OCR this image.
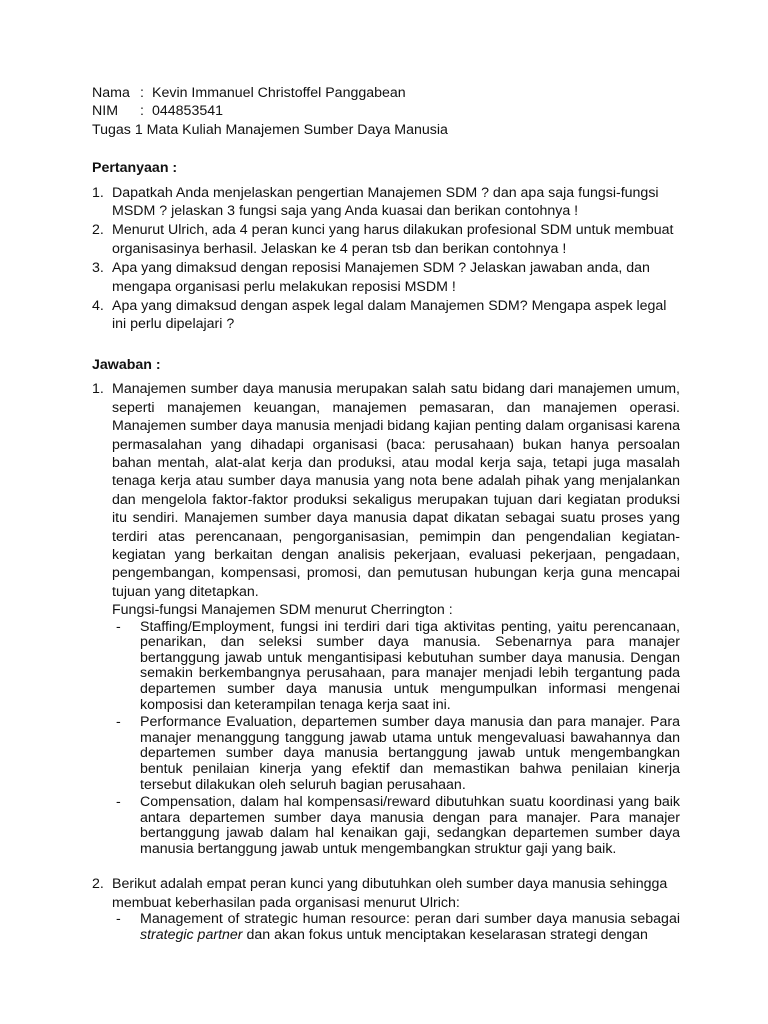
Nama : Kevin Immanuel Christoffel Panggabean
NIM	: 044853541
Tugas 1 Mata Kuliah Manajemen Sumber Daya Manusia
Pertanyaan :
1. Dapatkah Anda menjelaskan pengertian Manajemen SDM ? dan apa saja fungsi-fungsi MSDM ? jelaskan 3 fungsi saja yang Anda kuasai dan berikan contohnya !
2. Menurut Ulrich, ada 4 peran kunci yang harus dilakukan profesional SDM untuk membuat organisasinya berhasil. Jelaskan ke 4 peran tsb dan berikan contohnya !
3. Apa yang dimaksud dengan reposisi Manajemen SDM ? Jelaskan jawaban anda, dan mengapa organisasi perlu melakukan reposisi MSDM !
4. Apa yang dimaksud dengan aspek legal dalam Manajemen SDM? Mengapa aspek legal ini perlu dipelajari ?
Jawaban :
1. Manajemen sumber daya manusia merupakan salah satu bidang dari manajemen umum, seperti manajemen keuangan, manajemen pemasaran, dan manajemen operasi. Manajemen sumber daya manusia menjadi bidang kajian penting dalam organisasi karena permasalahan yang dihadapi organisasi (baca: perusahaan) bukan hanya persoalan bahan mentah, alat-alat kerja dan produksi, atau modal kerja saja, tetapi juga masalah tenaga kerja atau sumber daya manusia yang nota bene adalah pihak yang menjalankan dan mengelola faktor-faktor produksi sekaligus merupakan tujuan dari kegiatan produksi itu sendiri. Manajemen sumber daya manusia dapat dikatan sebagai suatu proses yang terdiri atas perencanaan, pengorganisasian, pemimpin dan pengendalian kegiatan-kegiatan yang berkaitan dengan analisis pekerjaan, evaluasi pekerjaan, pengadaan, pengembangan, kompensasi, promosi, dan pemutusan hubungan kerja guna mencapai tujuan yang ditetapkan.
Fungsi-fungsi Manajemen SDM menurut Cherrington :
-	Staffing/Employment, fungsi ini terdiri dari tiga aktivitas penting, yaitu perencanaan, penarikan, dan seleksi sumber daya manusia. Sebenarnya para manajer bertanggung jawab untuk mengantisipasi kebutuhan sumber daya manusia. Dengan semakin berkembangnya perusahaan, para manajer menjadi lebih tergantung pada departemen sumber daya manusia untuk mengumpulkan informasi mengenai komposisi dan keterampilan tenaga kerja saat ini.
-	Performance Evaluation, departemen sumber daya manusia dan para manajer. Para manajer menanggung tanggung jawab utama untuk mengevaluasi bawahannya dan departemen sumber daya manusia bertanggung jawab untuk mengembangkan bentuk penilaian kinerja yang efektif dan memastikan bahwa penilaian kinerja tersebut dilakukan oleh seluruh bagian perusahaan.
-	Compensation, dalam hal kompensasi/reward dibutuhkan suatu koordinasi yang baik antara departemen sumber daya manusia dengan para manajer. Para manajer bertanggung jawab dalam hal kenaikan gaji, sedangkan departemen sumber daya manusia bertanggung jawab untuk mengembangkan struktur gaji yang baik.
2. Berikut adalah empat peran kunci yang dibutuhkan oleh sumber daya manusia sehingga membuat keberhasilan pada organisasi menurut Ulrich:
-	Management of strategic human resource: peran dari sumber daya manusia sebagai strategic partner dan akan fokus untuk menciptakan keselarasan strategi dengan
